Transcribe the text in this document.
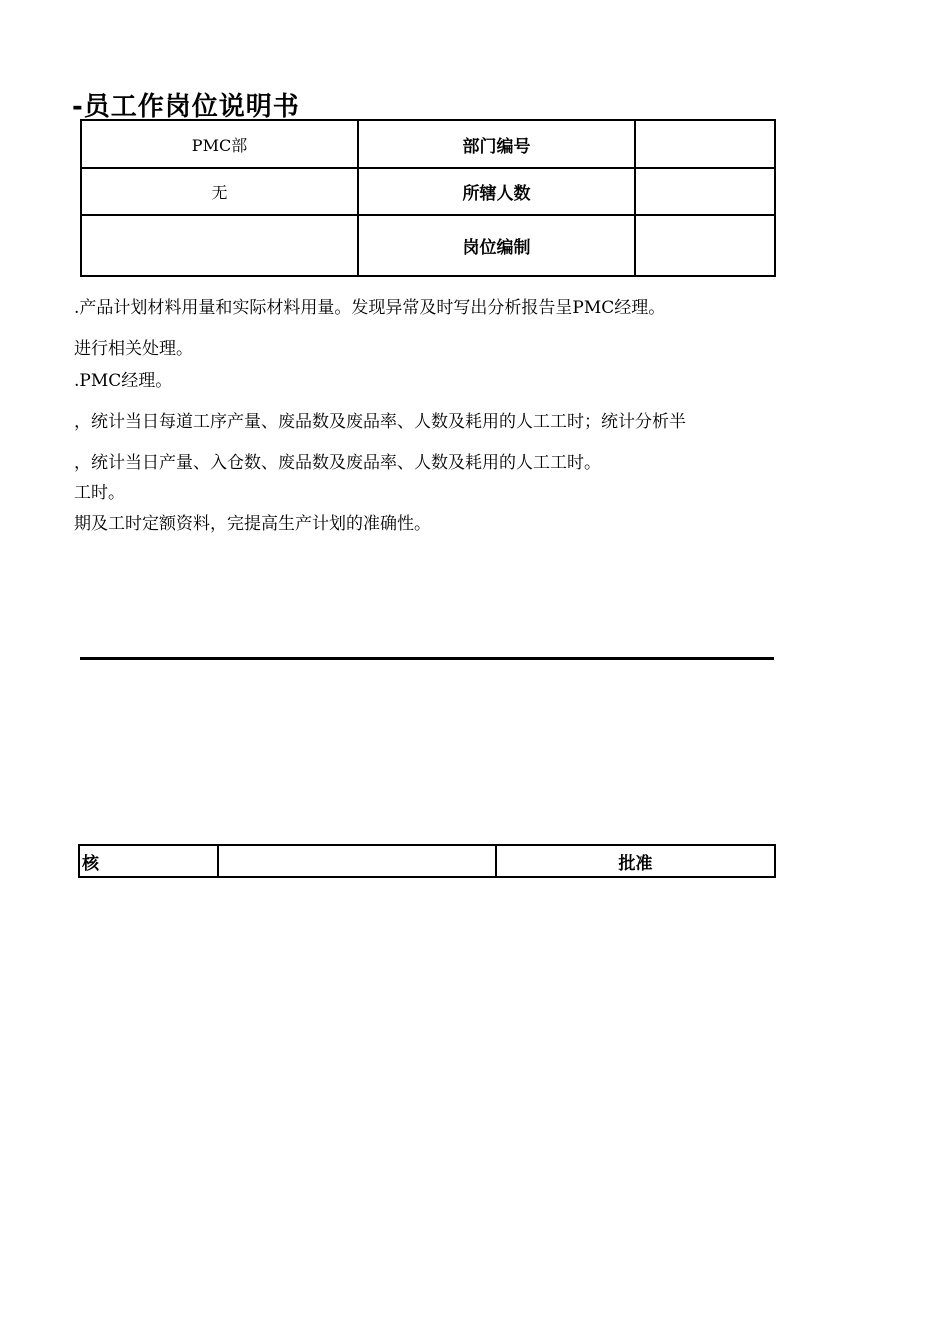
-员工作岗位说明书
PMC部	部门编号	
无	所辖人数	
	岗位编制	
.产品计划材料用量和实际材料用量。发现异常及时写出分析报告呈PMC经理。
进行相关处理。
.PMC经理。
，统计当日每道工序产量、废品数及废品率、人数及耗用的人工工时；统计分析半
，统计当日产量、入仓数、废品数及废品率、人数及耗用的人工工时。
工时。
期及工时定额资料，完提高生产计划的准确性。
核		批准
